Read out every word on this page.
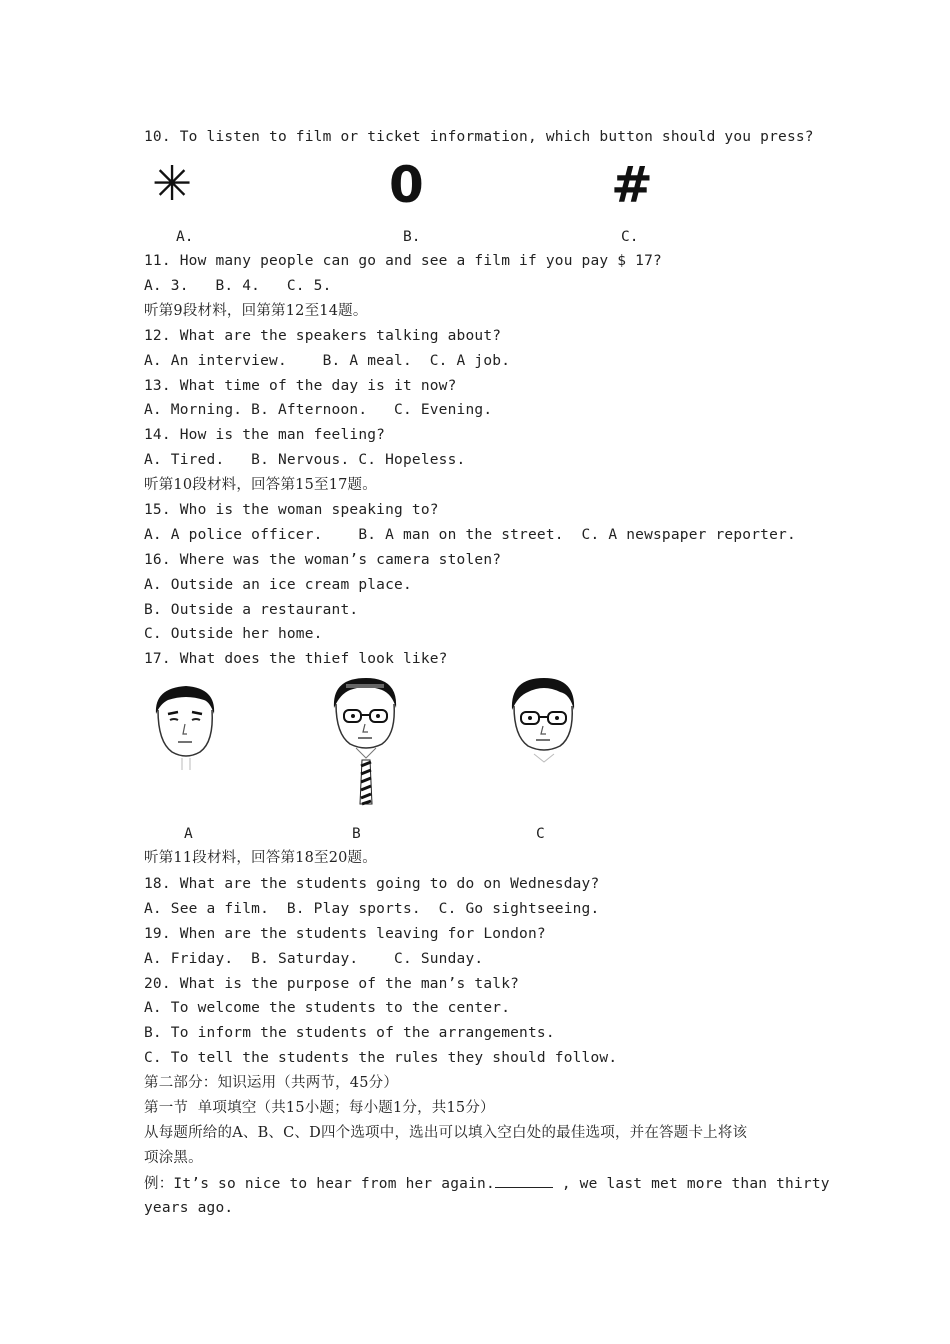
10. To listen to film or ticket information, which button should you press?
✳	0	#
A.	B.	C.
11. How many people can go and see a film if you pay $ 17?
A. 3.   B. 4.   C. 5.
听第9段材料，回第第12至14题。
12. What are the speakers talking about?
A. An interview.    B. A meal.  C. A job.
13. What time of the day is it now?
A. Morning. B. Afternoon.   C. Evening.
14. How is the man feeling?
A. Tired.   B. Nervous. C. Hopeless.
听第10段材料，回答第15至17题。
15. Who is the woman speaking to?
A. A police officer.    B. A man on the street.  C. A newspaper reporter.
16. Where was the woman’s camera stolen?
A. Outside an ice cream place.
B. Outside a restaurant.
C. Outside her home.
17. What does the thief look like?
A	B	C
听第11段材料，回答第18至20题。
18. What are the students going to do on Wednesday?
A. See a film.  B. Play sports.  C. Go sightseeing.
19. When are the students leaving for London?
A. Friday.  B. Saturday.    C. Sunday.
20. What is the purpose of the man’s talk?
A. To welcome the students to the center.
B. To inform the students of the arrangements.
C. To tell the students the rules they should follow.
第二部分：知识运用（共两节，45分）
第一节  单项填空（共15小题；每小题1分，共15分）
从每题所给的A、B、C、D四个选项中，选出可以填入空白处的最佳选项，并在答题卡上将该
项涂黑。
例：It’s so nice to hear from her again.	, we last met more than thirty
years ago.
